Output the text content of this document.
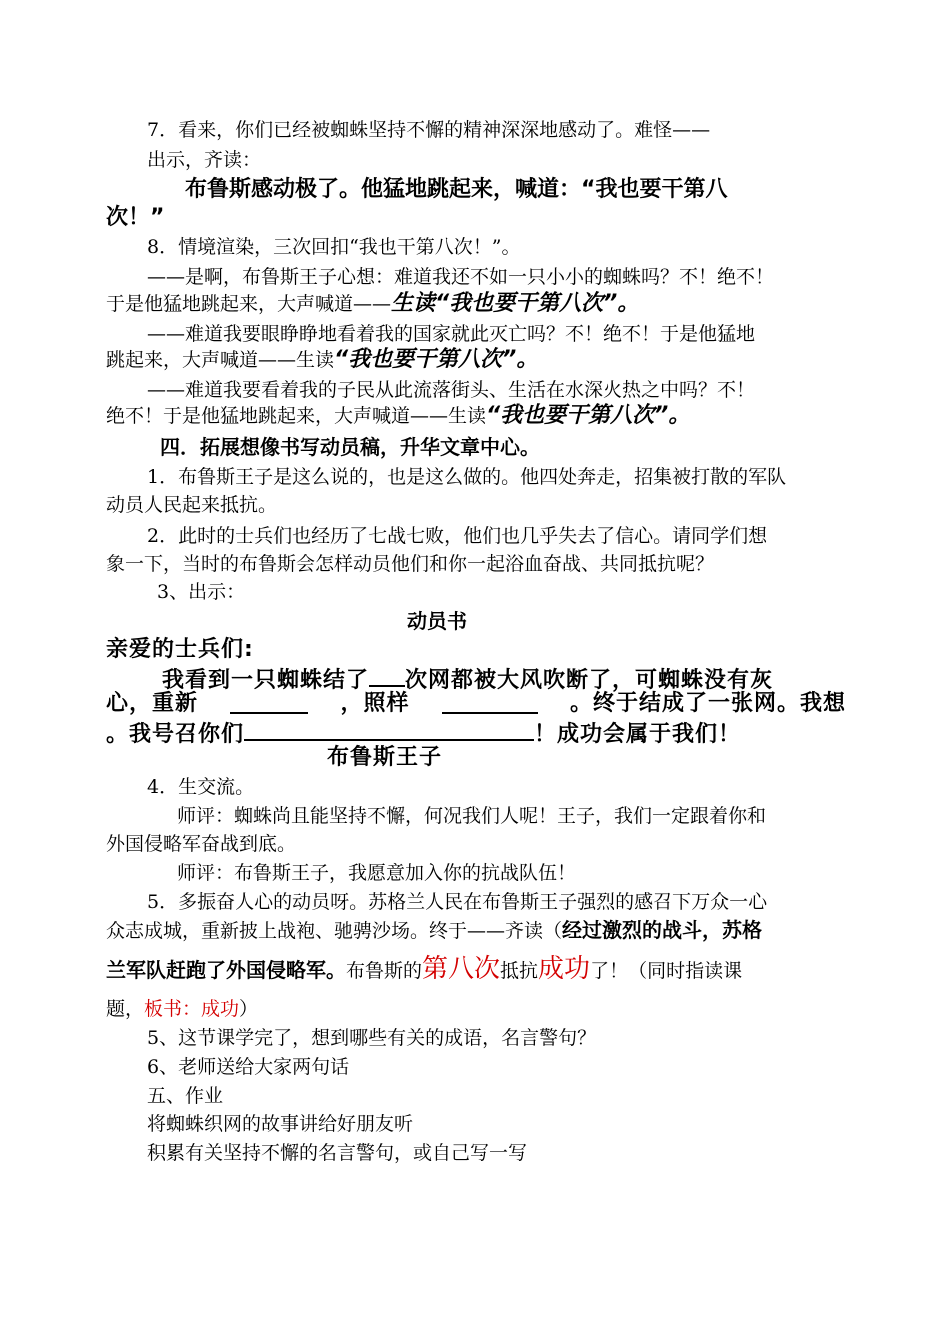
7．看来，你们已经被蜘蛛坚持不懈的精神深深地感动了。难怪——
出示，齐读：
布鲁斯感动极了。他猛地跳起来，喊道：“我也要干第八
次！”
8．情境渲染，三次回扣“我也干第八次！”。
——是啊，布鲁斯王子心想：难道我还不如一只小小的蜘蛛吗？不！绝不！
于是他猛地跳起来，大声喊道——生读“我也要干第八次”。
——难道我要眼睁睁地看着我的国家就此灭亡吗？不！绝不！于是他猛地
跳起来，大声喊道——生读“我也要干第八次”。
——难道我要看着我的子民从此流落街头、生活在水深火热之中吗？不！
绝不！于是他猛地跳起来，大声喊道——生读“我也要干第八次”。
四．拓展想像书写动员稿，升华文章中心。
1．布鲁斯王子是这么说的，也是这么做的。他四处奔走，招集被打散的军队
动员人民起来抵抗。
2．此时的士兵们也经历了七战七败，他们也几乎失去了信心。请同学们想
象一下，当时的布鲁斯会怎样动员他们和你一起浴血奋战、共同抵抗呢？
3、出示：
动员书
亲爱的士兵们:
我看到一只蜘蛛结了 次网都被大风吹断了，可蜘蛛没有灰
心，重新	，照样	。终于结成了一张网。我想
。我号召你们	！成功会属于我们！
布鲁斯王子
4．生交流。
师评：蜘蛛尚且能坚持不懈，何况我们人呢！王子，我们一定跟着你和
外国侵略军奋战到底。
师评：布鲁斯王子，我愿意加入你的抗战队伍！
5．多振奋人心的动员呀。苏格兰人民在布鲁斯王子强烈的感召下万众一心
众志成城，重新披上战袍、驰骋沙场。终于——齐读（经过激烈的战斗，苏格
兰军队赶跑了外国侵略军。布鲁斯的第八次抵抗成功了！（同时指读课
题，板书：成功）
5、这节课学完了，想到哪些有关的成语，名言警句？
6、老师送给大家两句话
五、作业
将蜘蛛织网的故事讲给好朋友听
积累有关坚持不懈的名言警句，或自己写一写
